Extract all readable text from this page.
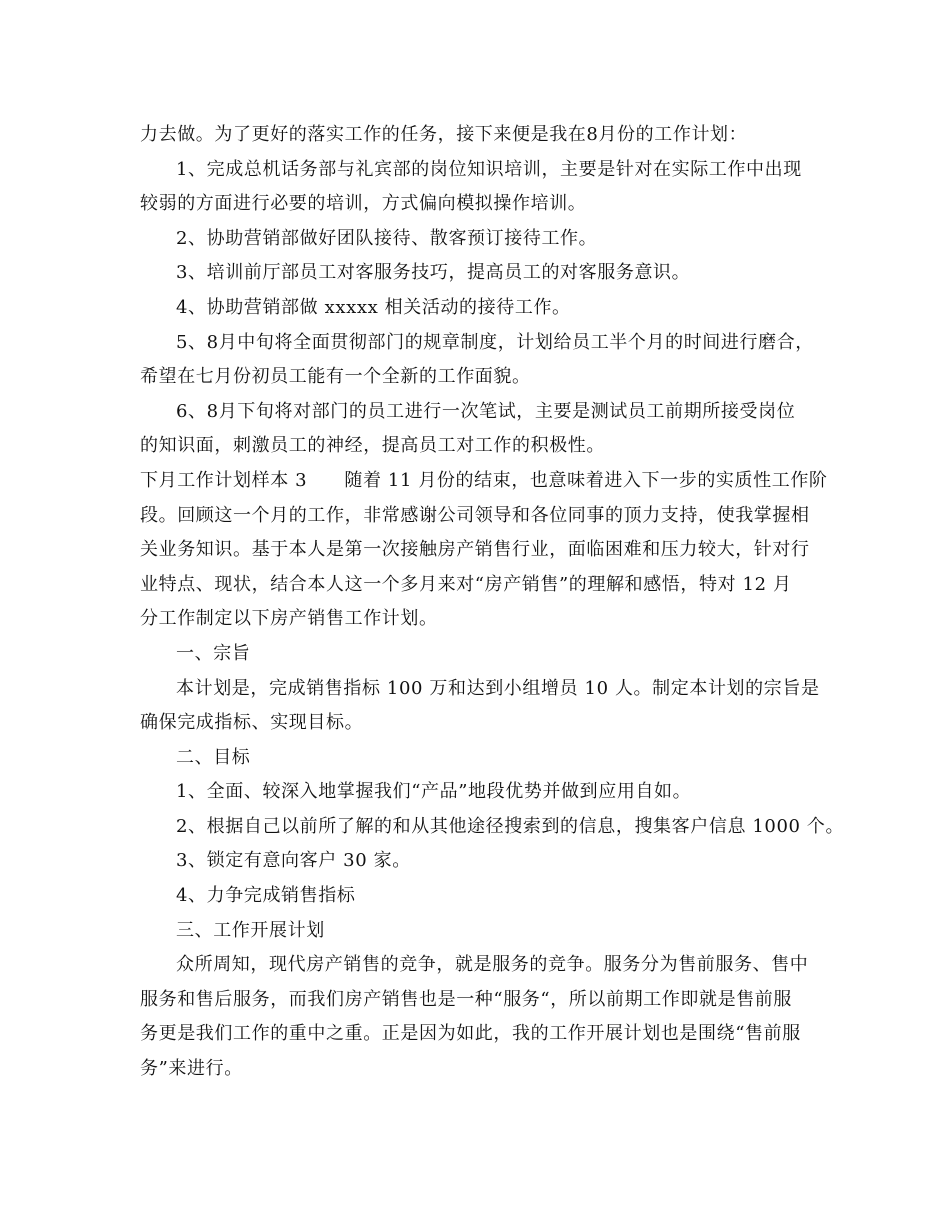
力去做。为了更好的落实工作的任务，接下来便是我在8月份的工作计划：
1、完成总机话务部与礼宾部的岗位知识培训，主要是针对在实际工作中出现
较弱的方面进行必要的培训，方式偏向模拟操作培训。
2、协助营销部做好团队接待、散客预订接待工作。
3、培训前厅部员工对客服务技巧，提高员工的对客服务意识。
4、协助营销部做 xxxxx 相关活动的接待工作。
5、8月中旬将全面贯彻部门的规章制度，计划给员工半个月的时间进行磨合，
希望在七月份初员工能有一个全新的工作面貌。
6、8月下旬将对部门的员工进行一次笔试，主要是测试员工前期所接受岗位
的知识面，刺激员工的神经，提高员工对工作的积极性。
下月工作计划样本 3　　随着 11 月份的结束，也意味着进入下一步的实质性工作阶
段。回顾这一个月的工作，非常感谢公司领导和各位同事的顶力支持，使我掌握相
关业务知识。基于本人是第一次接触房产销售行业，面临困难和压力较大，针对行
业特点、现状，结合本人这一个多月来对“房产销售”的理解和感悟，特对 12 月
分工作制定以下房产销售工作计划。
一、宗旨
本计划是，完成销售指标 100 万和达到小组增员 10 人。制定本计划的宗旨是
确保完成指标、实现目标。
二、目标
1、全面、较深入地掌握我们“产品”地段优势并做到应用自如。
2、根据自己以前所了解的和从其他途径搜索到的信息，搜集客户信息 1000 个。
3、锁定有意向客户 30 家。
4、力争完成销售指标
三、工作开展计划
众所周知，现代房产销售的竞争，就是服务的竞争。服务分为售前服务、售中
服务和售后服务，而我们房产销售也是一种“服务“，所以前期工作即就是售前服
务更是我们工作的重中之重。正是因为如此，我的工作开展计划也是围绕“售前服
务”来进行。
